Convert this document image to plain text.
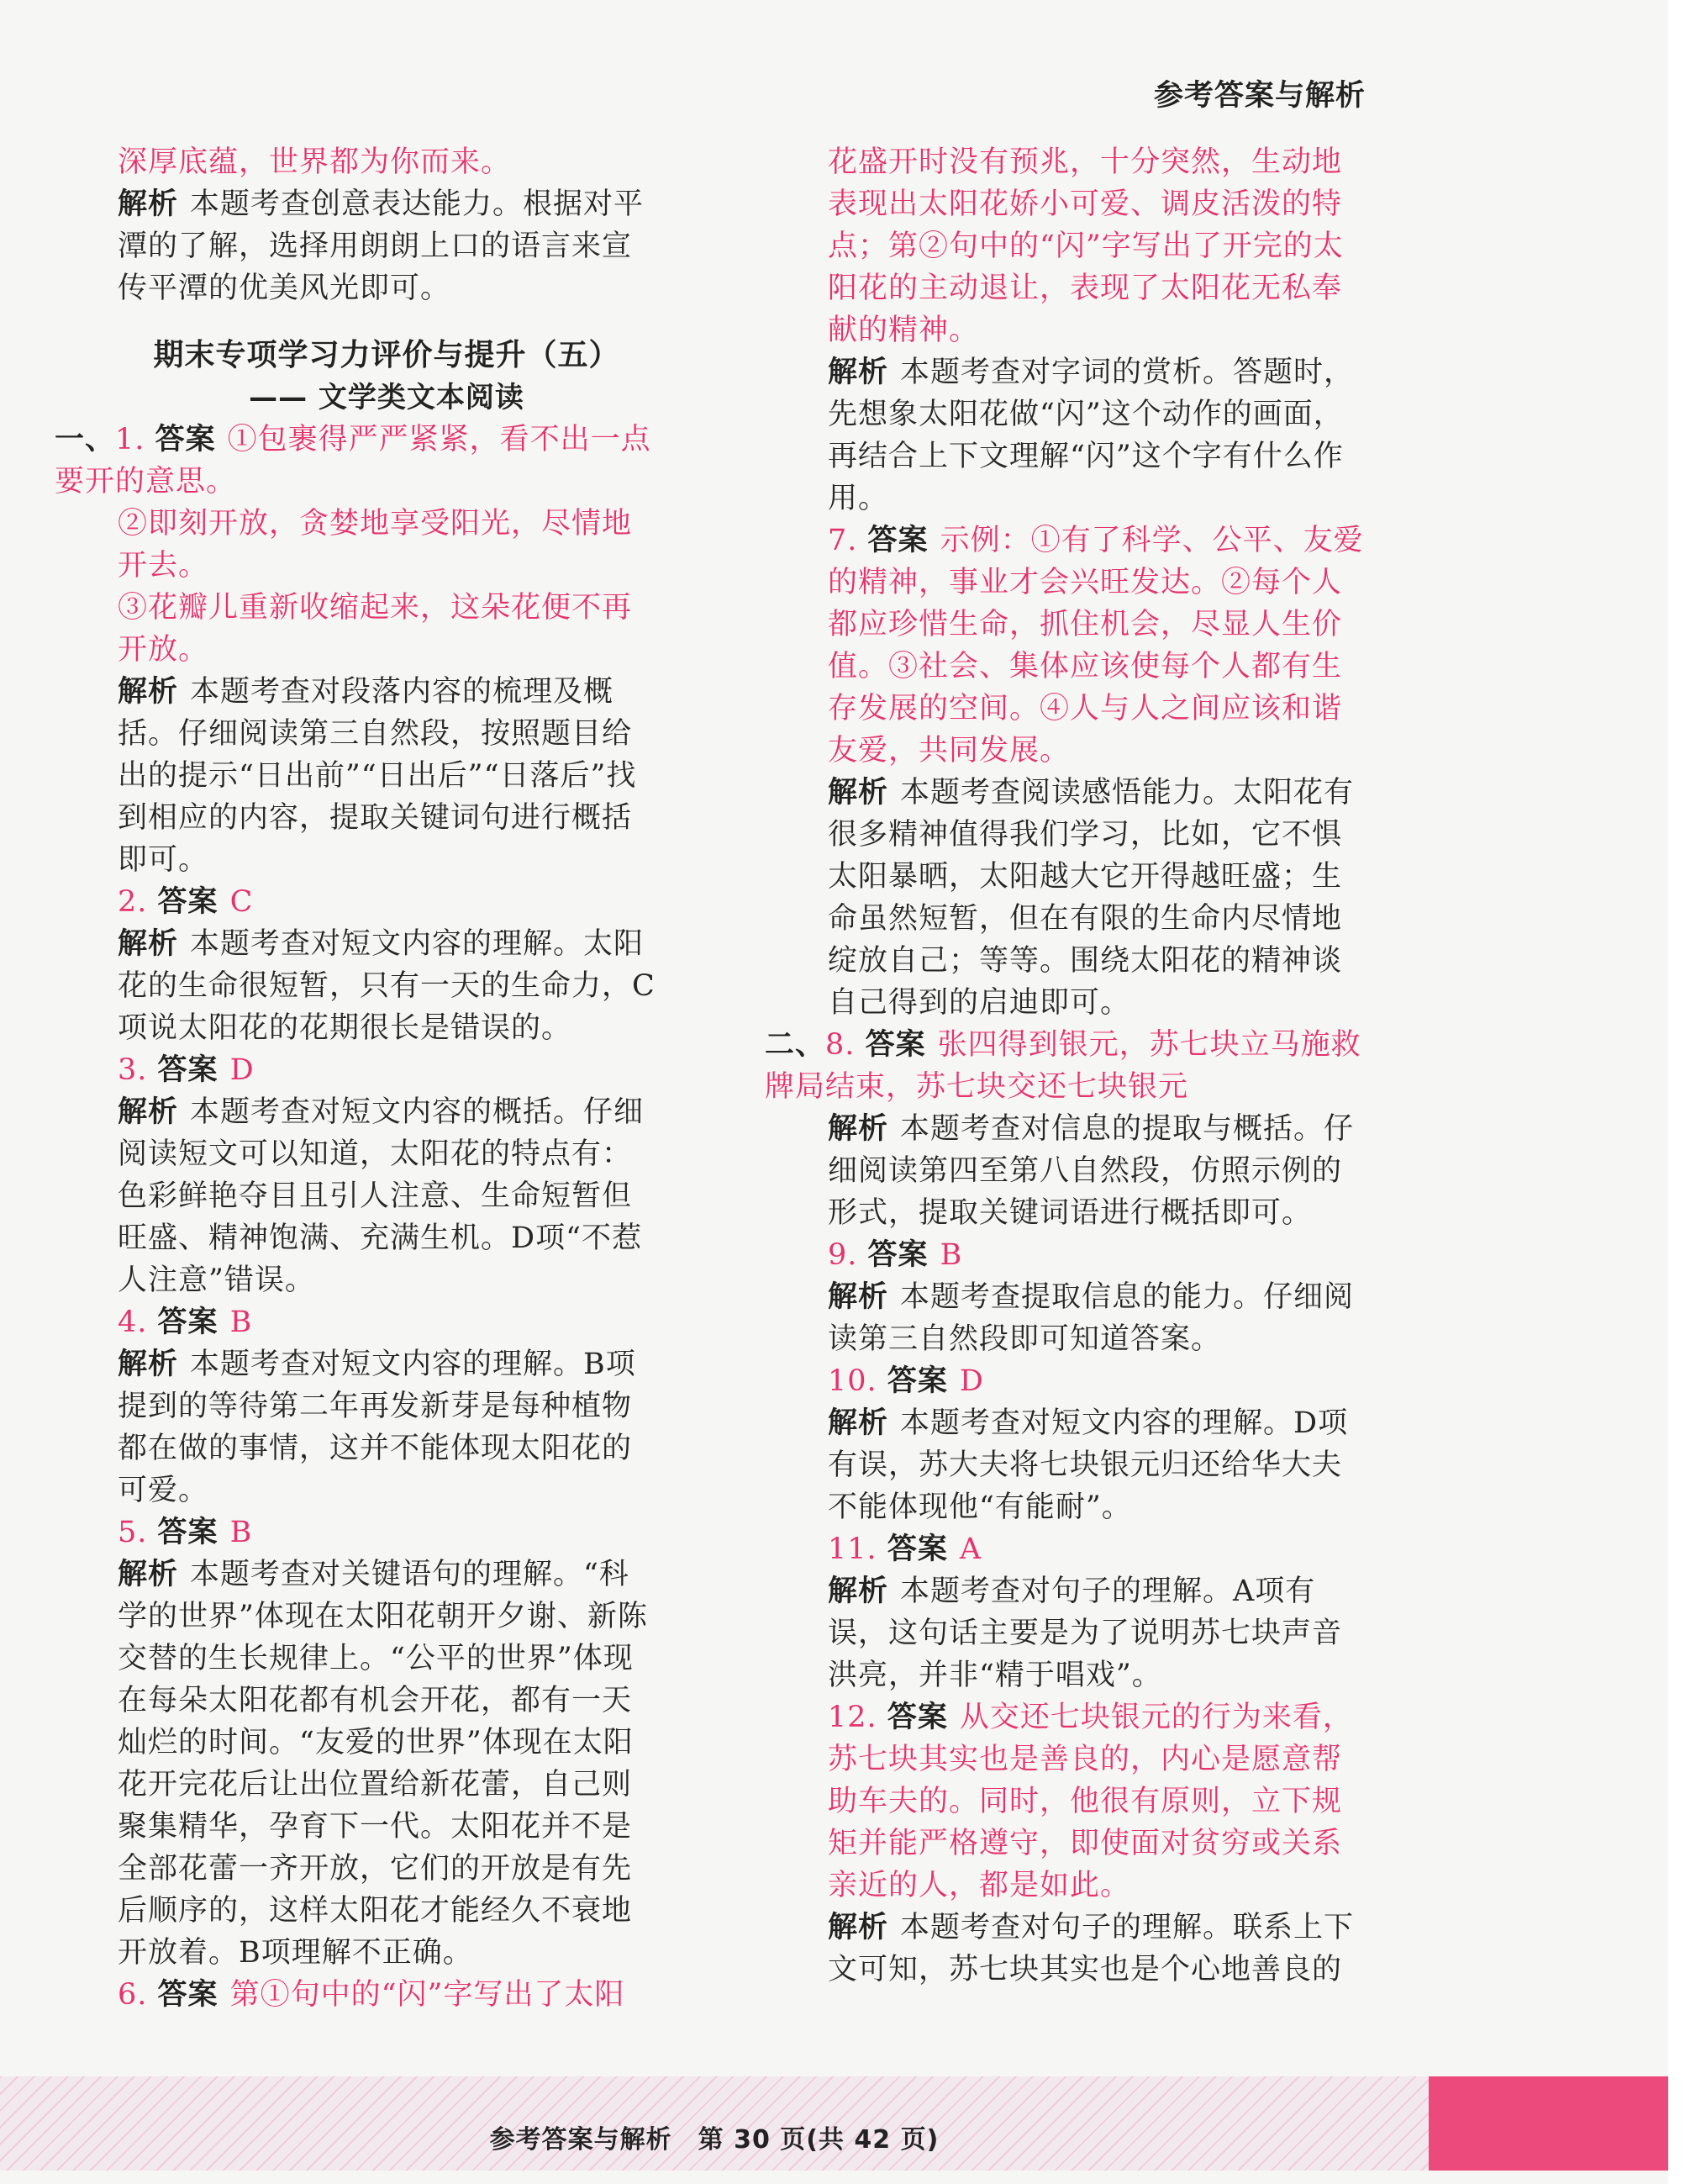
参考答案与解析

深厚底蕴，世界都为你而来。

解析 本题考查创意表达能力。根据对平潭的了解，选择用朗朗上口的语言来宣传平潭的优美风光即可。

期末专项学习力评价与提升（五）
—— 文学类文本阅读
一、1. 答案 ①包裹得严严紧紧，看不出一点要开的意思。

②即刻开放，贪婪地享受阳光，尽情地开去。

③花瓣儿重新收缩起来，这朵花便不再开放。

解析 本题考查对段落内容的梳理及概括。仔细阅读第三自然段，按照题目给出的提示“日出前”“日出后”“日落后”找到相应的内容，提取关键词句进行概括即可。

2. 答案 C

解析 本题考查对短文内容的理解。太阳花的生命很短暂，只有一天的生命力，C项说太阳花的花期很长是错误的。

3. 答案 D

解析 本题考查对短文内容的概括。仔细阅读短文可以知道，太阳花的特点有：色彩鲜艳夺目且引人注意、生命短暂但旺盛、精神饱满、充满生机。D项“不惹人注意”错误。

4. 答案 B

解析 本题考查对短文内容的理解。B项提到的等待第二年再发新芽是每种植物都在做的事情，这并不能体现太阳花的可爱。

5. 答案 B

解析 本题考查对关键语句的理解。“科学的世界”体现在太阳花朝开夕谢、新陈交替的生长规律上。“公平的世界”体现在每朵太阳花都有机会开花，都有一天灿烂的时间。“友爱的世界”体现在太阳花开完花后让出位置给新花蕾，自己则聚集精华，孕育下一代。太阳花并不是全部花蕾一齐开放，它们的开放是有先后顺序的，这样太阳花才能经久不衰地开放着。B项理解不正确。

6. 答案 第①句中的“闪”字写出了太阳

花盛开时没有预兆，十分突然，生动地表现出太阳花娇小可爱、调皮活泼的特点；第②句中的“闪”字写出了开完的太阳花的主动退让，表现了太阳花无私奉献的精神。

解析 本题考查对字词的赏析。答题时，先想象太阳花做“闪”这个动作的画面，再结合上下文理解“闪”这个字有什么作用。

7. 答案 示例：①有了科学、公平、友爱的精神，事业才会兴旺发达。②每个人都应珍惜生命，抓住机会，尽显人生价值。③社会、集体应该使每个人都有生存发展的空间。④人与人之间应该和谐友爱，共同发展。

解析 本题考查阅读感悟能力。太阳花有很多精神值得我们学习，比如，它不惧太阳暴晒，太阳越大它开得越旺盛；生命虽然短暂，但在有限的生命内尽情地绽放自己；等等。围绕太阳花的精神谈自己得到的启迪即可。

二、8. 答案 张四得到银元，苏七块立马施救　牌局结束，苏七块交还七块银元

解析 本题考查对信息的提取与概括。仔细阅读第四至第八自然段，仿照示例的形式，提取关键词语进行概括即可。

9. 答案 B

解析 本题考查提取信息的能力。仔细阅读第三自然段即可知道答案。

10. 答案 D

解析 本题考查对短文内容的理解。D项有误，苏大夫将七块银元归还给华大夫不能体现他“有能耐”。

11. 答案 A

解析 本题考查对句子的理解。A项有误，这句话主要是为了说明苏七块声音洪亮，并非“精于唱戏”。

12. 答案 从交还七块银元的行为来看，苏七块其实也是善良的，内心是愿意帮助车夫的。同时，他很有原则，立下规矩并能严格遵守，即使面对贫穷或关系亲近的人，都是如此。

解析 本题考查对句子的理解。联系上下文可知，苏七块其实也是个心地善良的

参考答案与解析　第 30 页(共 42 页)
